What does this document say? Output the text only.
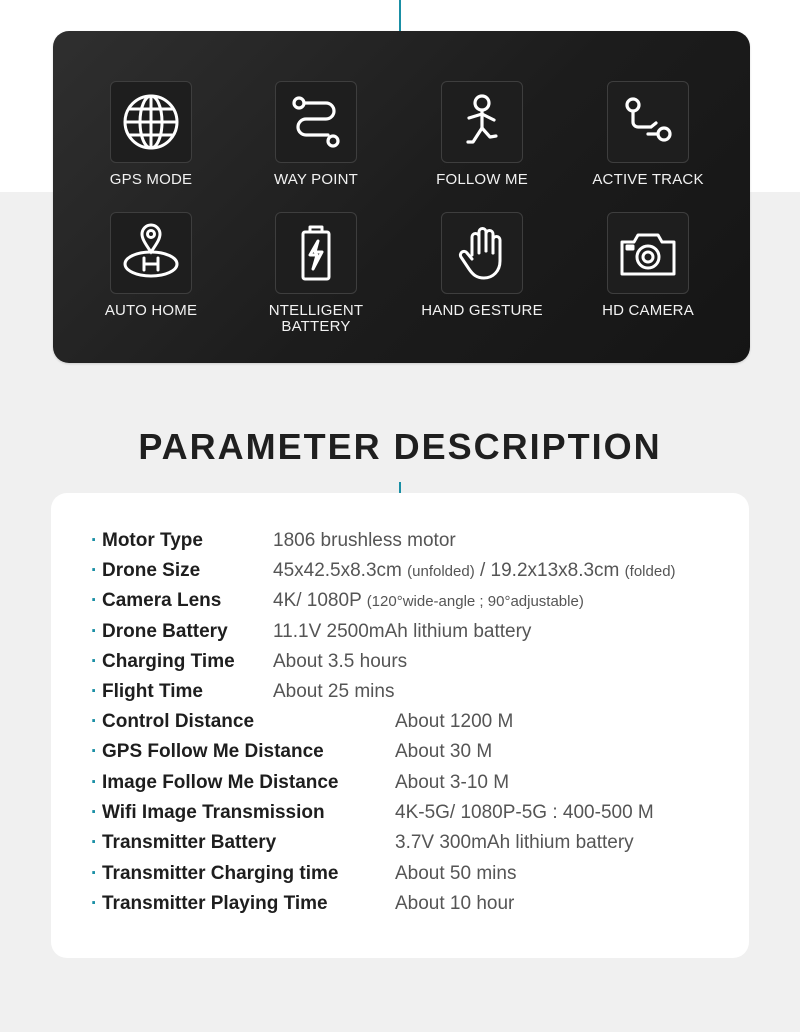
GPS MODE	WAY POINT	FOLLOW ME	ACTIVE TRACK
AUTO HOME	NTELLIGENT
BATTERY
HAND GESTURE	HD CAMERA
PARAMETER DESCRIPTION
· Motor Type	1806 brushless motor
· Drone Size	45x42.5x8.3cm (unfolded) / 19.2x13x8.3cm (folded)
· Camera Lens	4K/ 1080P (120°wide-angle ; 90°adjustable)
· Drone Battery 11.1V 2500mAh lithium battery
· Charging Time About 3.5 hours
· Flight Time	About 25 mins
· Control Distance	About 1200 M
· GPS Follow Me Distance	About 30 M
· Image Follow Me Distance	About 3-10 M
· Wifi Image Transmission	4K-5G/ 1080P-5G : 400-500 M
· Transmitter Battery	3.7V 300mAh lithium battery
· Transmitter Charging time	About 50 mins
· Transmitter Playing Time	About 10 hour
